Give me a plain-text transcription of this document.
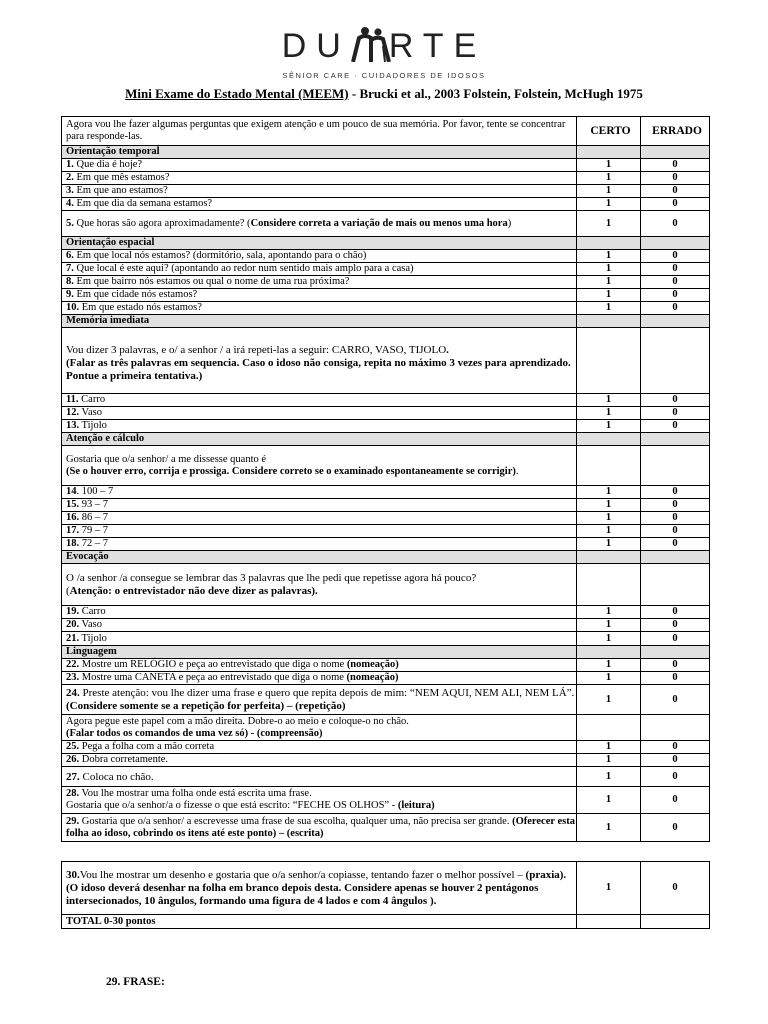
DU RTE
SÊNIOR CARE · CUIDADORES DE IDOSOS
Mini Exame do Estado Mental (MEEM) - Brucki et al., 2003 Folstein, Folstein, McHugh 1975
Agora vou lhe fazer algumas perguntas que exigem atenção e um pouco de sua memória. Por favor, tente se concentrar para responde-las.	CERTO	ERRADO
Orientação temporal		
1. Que dia é hoje?	1	0
2. Em que mês estamos?	1	0
3. Em que ano estamos?	1	0
4. Em que dia da semana estamos?	1	0
5. Que horas são agora aproximadamente? (Considere correta a variação de mais ou menos uma hora)	1	0
Orientação espacial		
6. Em que local nós estamos? (dormitório, sala, apontando para o chão)	1	0
7. Que local é este aqui? (apontando ao redor num sentido mais amplo para a casa)	1	0
8. Em que bairro nós estamos ou qual o nome de uma rua próxima?	1	0
9. Em que cidade nós estamos?	1	0
10. Em que estado nós estamos?	1	0
Memória imediata		
Vou dizer 3 palavras, e o/ a senhor / a irá repeti-las a seguir: CARRO, VASO, TIJOLO.
(Falar as três palavras em sequencia. Caso o idoso não consiga, repita no máximo 3 vezes para aprendizado. Pontue a primeira tentativa.)		
11. Carro	1	0
12. Vaso	1	0
13. Tijolo	1	0
Atenção e cálculo		
Gostaria que o/a senhor/ a me dissesse quanto é
(Se o houver erro, corrija e prossiga. Considere correto se o examinado espontaneamente se corrigir).		
14. 100 – 7	1	0
15. 93 – 7	1	0
16. 86 – 7	1	0
17. 79 – 7	1	0
18. 72 – 7	1	0
Evocação		
O /a senhor /a consegue se lembrar das 3 palavras que lhe pedi que repetisse agora há pouco?
(Atenção: o entrevistador não deve dizer as palavras).		
19. Carro	1	0
20. Vaso	1	0
21. Tijolo	1	0
Linguagem		
22. Mostre um RELÓGIO e peça ao entrevistado que diga o nome (nomeação)	1	0
23. Mostre uma CANETA e peça ao entrevistado que diga o nome (nomeação)	1	0
24. Preste atenção: vou lhe dizer uma frase e quero que repita depois de mim: “NEM AQUI, NEM ALI, NEM LÁ”. (Considere somente se a repetição for perfeita) – (repetição)	1	0
Agora pegue este papel com a mão direita. Dobre-o ao meio e coloque-o no chão.
(Falar todos os comandos de uma vez só) - (compreensão)		
25. Pega a folha com a mão correta	1	0
26. Dobra corretamente.	1	0
27. Coloca no chão.	1	0
28. Vou lhe mostrar uma folha onde está escrita uma frase.
Gostaria que o/a senhor/a o fizesse o que está escrito: “FECHE OS OLHOS” - (leitura)	1	0
29. Gostaria que o/a senhor/ a escrevesse uma frase de sua escolha, qualquer uma, não precisa ser grande. (Oferecer esta folha ao idoso, cobrindo os itens até este ponto) – (escrita)	1	0
30.Vou lhe mostrar um desenho e gostaria que o/a senhor/a copiasse, tentando fazer o melhor possível – (praxia).
(O idoso deverá desenhar na folha em branco depois desta. Considere apenas se houver 2 pentágonos intersecionados, 10 ângulos, formando uma figura de 4 lados e com 4 ângulos ).	1	0
TOTAL 0-30 pontos		
29. FRASE:
